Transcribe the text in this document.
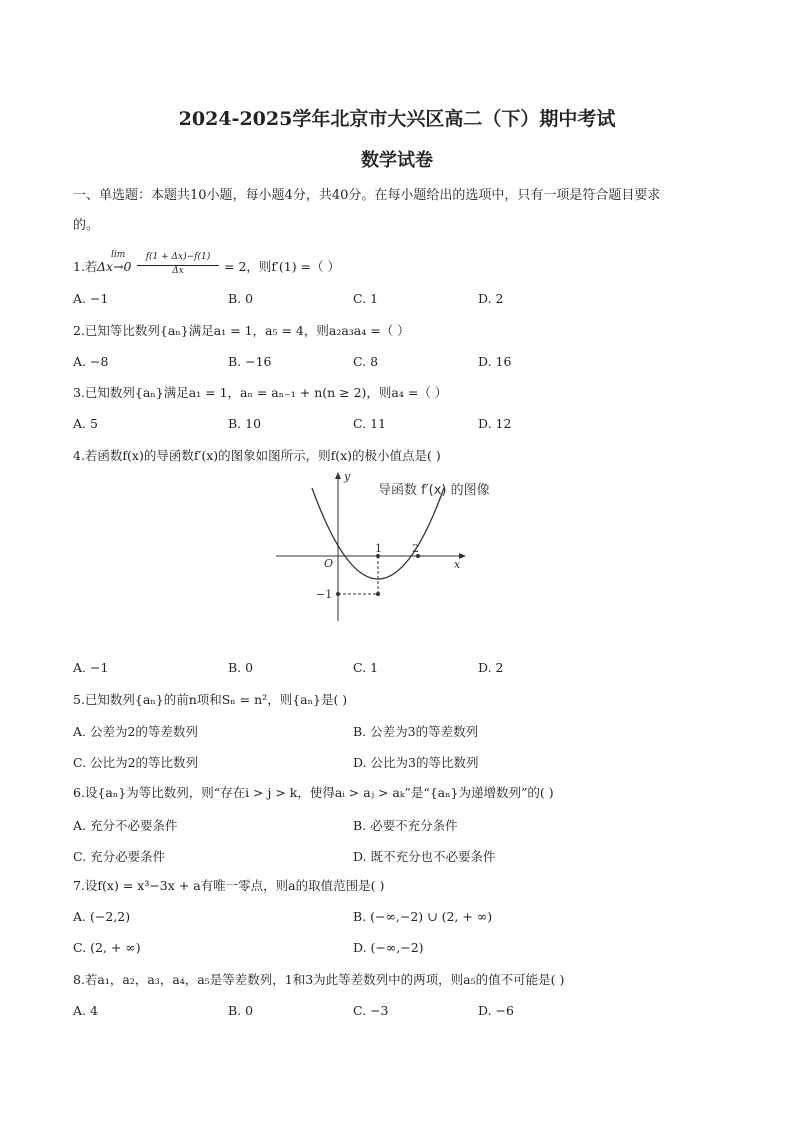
2024-2025学年北京市大兴区高二（下）期中考试
数学试卷
一、单选题：本题共10小题，每小题4分，共40分。在每小题给出的选项中，只有一项是符合题目要求
的。
1.若
lim
Δx→0
f(1 + Δx)−f(1)
Δx	= 2，则f′(1) =（ ）
A. −1	B. 0	C. 1	D. 2
2.已知等比数列{aₙ}满足a₁ = 1，a₅ = 4，则a₂a₃a₄ =（ ）
A. −8	B. −16	C. 8	D. 16
3.已知数列{aₙ}满足a₁ = 1，aₙ = aₙ₋₁ + n(n ≥ 2)，则a₄ =（ ）
A. 5	B. 10	C. 11	D. 12
4.若函数f(x)的导函数f′(x)的图象如图所示，则f(x)的极小值点是( )
y
x
O
1	2
−1
导函数 f′(x) 的图像
A. −1	B. 0	C. 1	D. 2
5.已知数列{aₙ}的前n项和Sₙ = n²，则{aₙ}是( )
A. 公差为2的等差数列	B. 公差为3的等差数列
C. 公比为2的等比数列	D. 公比为3的等比数列
6.设{aₙ}为等比数列，则“存在i > j > k，使得aᵢ > aⱼ > aₖ”是“{aₙ}为递增数列”的( )
A. 充分不必要条件	B. 必要不充分条件
C. 充分必要条件	D. 既不充分也不必要条件
7.设f(x) = x³−3x + a有唯一零点，则a的取值范围是( )
A. (−2,2)	B. (−∞,−2) ∪ (2, + ∞)
C. (2, + ∞)	D. (−∞,−2)
8.若a₁，a₂，a₃，a₄，a₅是等差数列，1和3为此等差数列中的两项，则a₅的值不可能是( )
A. 4	B. 0	C. −3	D. −6
